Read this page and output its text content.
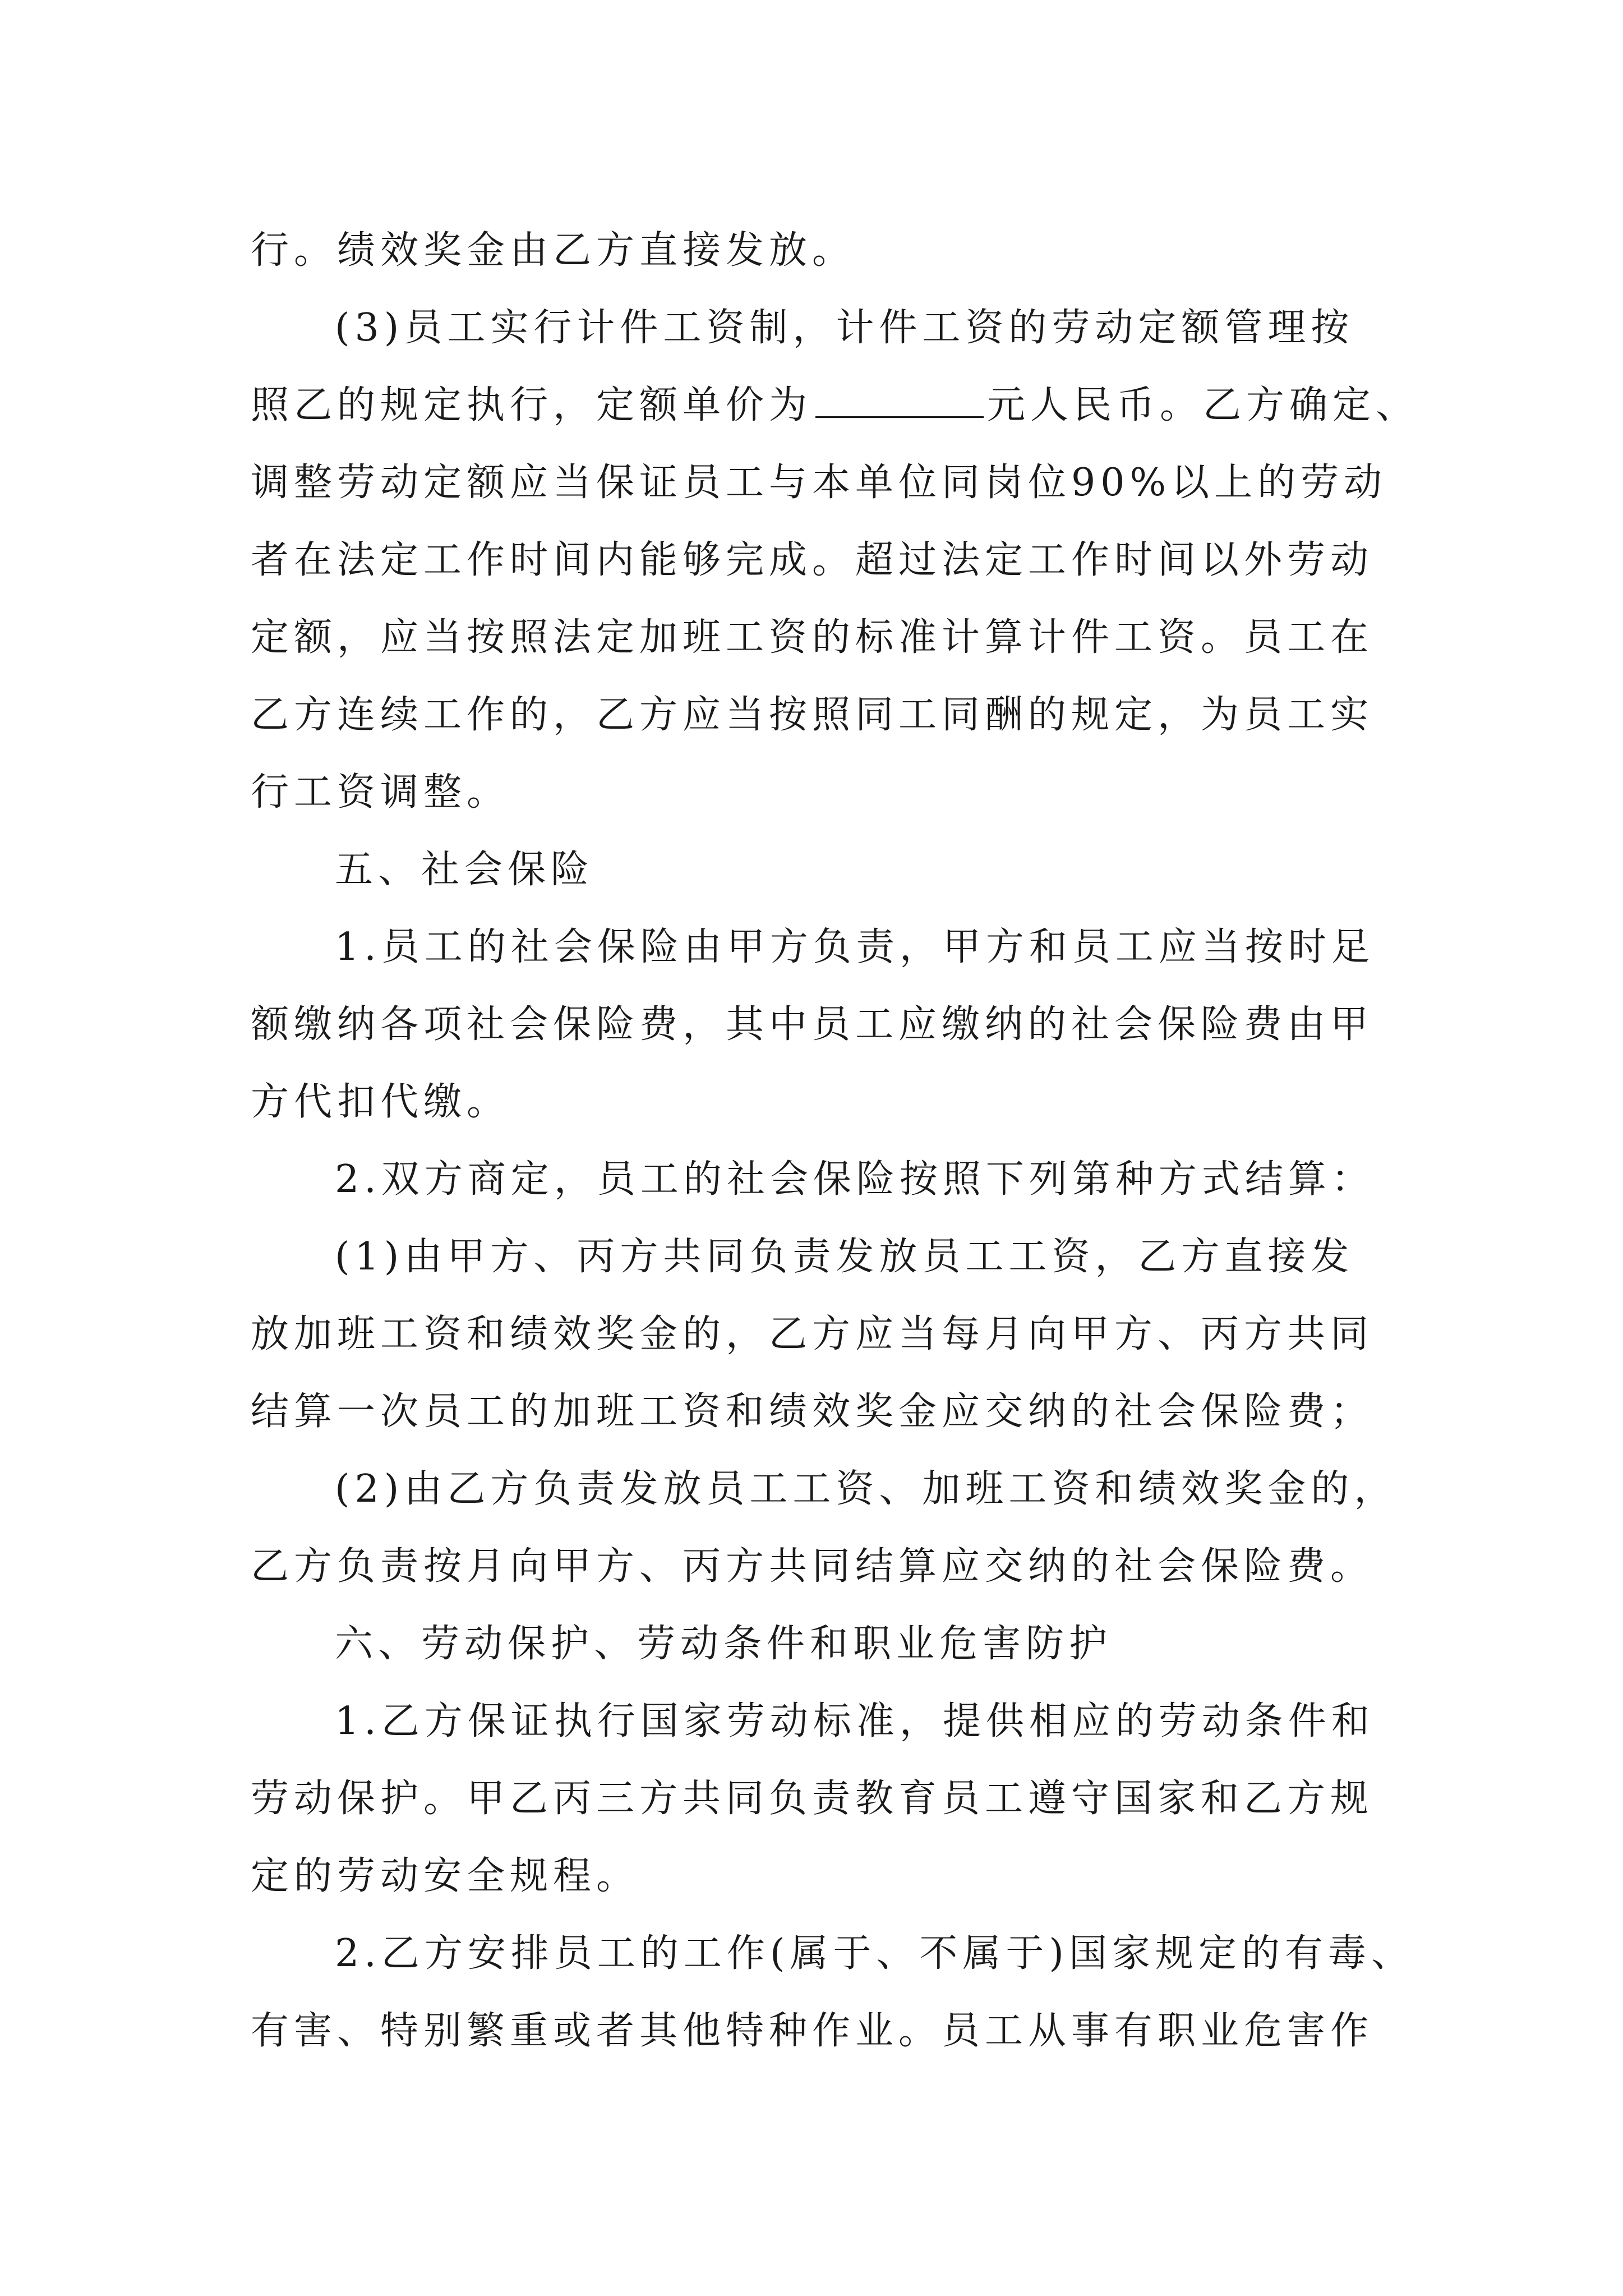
行。绩效奖金由乙方直接发放。
(3)员工实行计件工资制，计件工资的劳动定额管理按
照乙的规定执行，定额单价为	元人民币。乙方确定、
调整劳动定额应当保证员工与本单位同岗位90%以上的劳动
者在法定工作时间内能够完成。超过法定工作时间以外劳动
定额，应当按照法定加班工资的标准计算计件工资。员工在
乙方连续工作的，乙方应当按照同工同酬的规定，为员工实
行工资调整。
五、社会保险
1.员工的社会保险由甲方负责，甲方和员工应当按时足
额缴纳各项社会保险费，其中员工应缴纳的社会保险费由甲
方代扣代缴。
2.双方商定，员工的社会保险按照下列第种方式结算：
(1)由甲方、丙方共同负责发放员工工资，乙方直接发
放加班工资和绩效奖金的，乙方应当每月向甲方、丙方共同
结算一次员工的加班工资和绩效奖金应交纳的社会保险费；
(2)由乙方负责发放员工工资、加班工资和绩效奖金的，
乙方负责按月向甲方、丙方共同结算应交纳的社会保险费。
六、劳动保护、劳动条件和职业危害防护
1.乙方保证执行国家劳动标准，提供相应的劳动条件和
劳动保护。甲乙丙三方共同负责教育员工遵守国家和乙方规
定的劳动安全规程。
2.乙方安排员工的工作(属于、不属于)国家规定的有毒、
有害、特别繁重或者其他特种作业。员工从事有职业危害作
